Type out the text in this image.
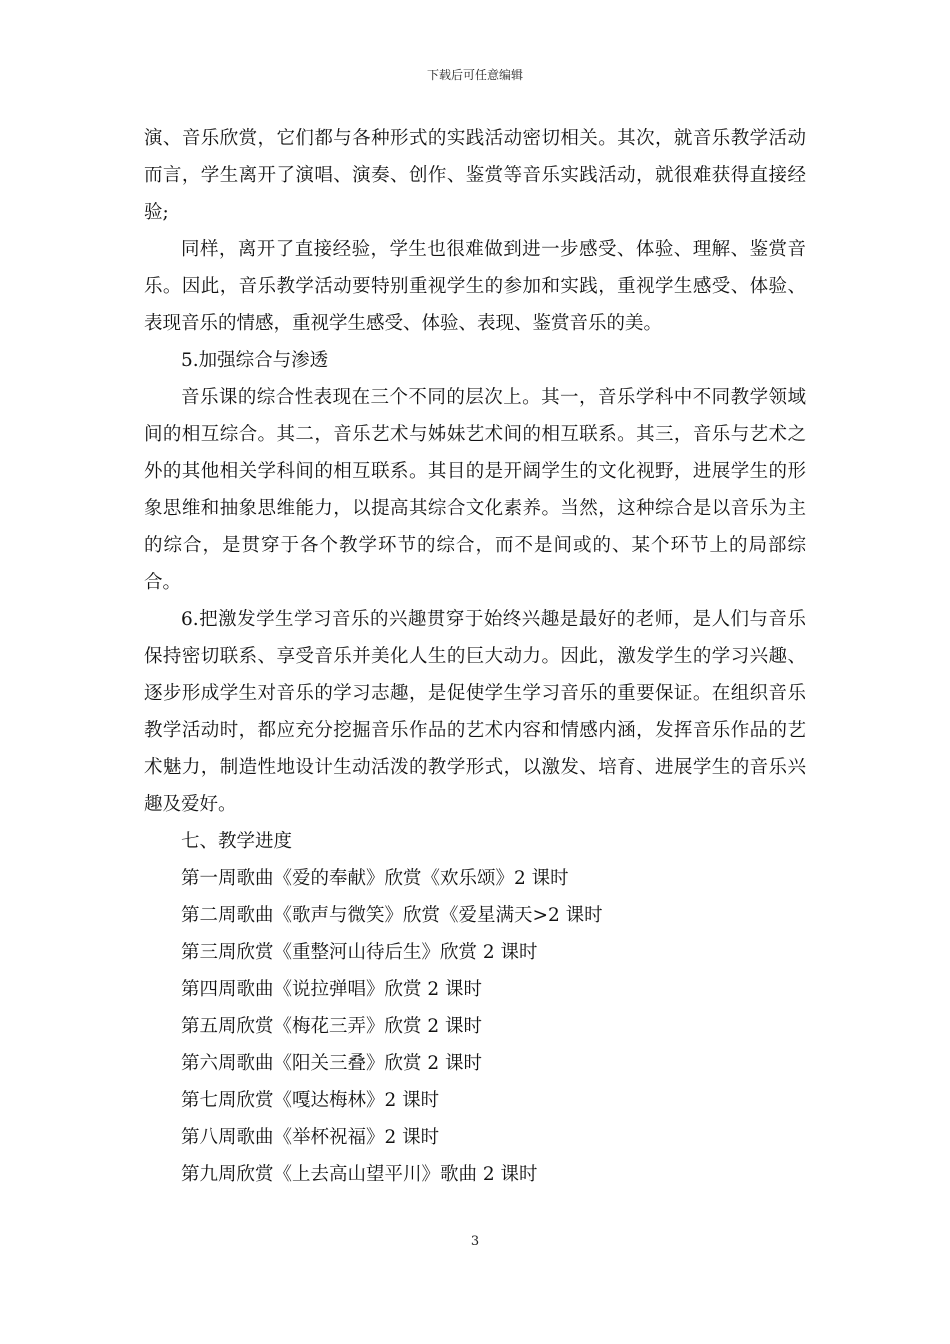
下载后可任意编辑

演、音乐欣赏，它们都与各种形式的实践活动密切相关。其次，就音乐教学活动而言，学生离开了演唱、演奏、创作、鉴赏等音乐实践活动，就很难获得直接经验;

同样，离开了直接经验，学生也很难做到进一步感受、体验、理解、鉴赏音乐。因此，音乐教学活动要特别重视学生的参加和实践，重视学生感受、体验、表现音乐的情感，重视学生感受、体验、表现、鉴赏音乐的美。

5.加强综合与渗透

音乐课的综合性表现在三个不同的层次上。其一，音乐学科中不同教学领域间的相互综合。其二，音乐艺术与姊妹艺术间的相互联系。其三，音乐与艺术之外的其他相关学科间的相互联系。其目的是开阔学生的文化视野，进展学生的形象思维和抽象思维能力，以提高其综合文化素养。当然，这种综合是以音乐为主的综合，是贯穿于各个教学环节的综合，而不是间或的、某个环节上的局部综合。

6.把激发学生学习音乐的兴趣贯穿于始终兴趣是最好的老师，是人们与音乐保持密切联系、享受音乐并美化人生的巨大动力。因此，激发学生的学习兴趣、逐步形成学生对音乐的学习志趣，是促使学生学习音乐的重要保证。在组织音乐教学活动时，都应充分挖掘音乐作品的艺术内容和情感内涵，发挥音乐作品的艺术魅力，制造性地设计生动活泼的教学形式，以激发、培育、进展学生的音乐兴趣及爱好。

七、教学进度

第一周歌曲《爱的奉献》欣赏《欢乐颂》2 课时
第二周歌曲《歌声与微笑》欣赏《爱星满天>2 课时
第三周欣赏《重整河山待后生》欣赏 2 课时
第四周歌曲《说拉弹唱》欣赏 2 课时
第五周欣赏《梅花三弄》欣赏 2 课时
第六周歌曲《阳关三叠》欣赏 2 课时
第七周欣赏《嘎达梅林》2 课时
第八周歌曲《举杯祝福》2 课时
第九周欣赏《上去高山望平川》歌曲 2 课时
3
